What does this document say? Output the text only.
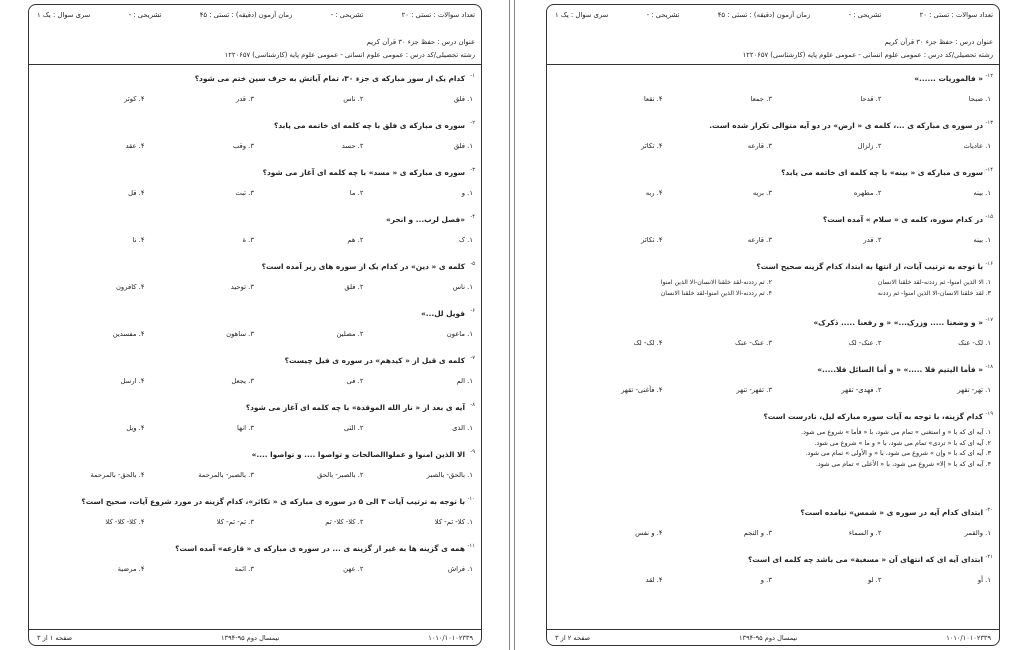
تعداد سوالات : تستی : ۲۰
تشریحی : -
زمان آزمون (دقیقه) : تستی : ۴۵
تشریحی : -
سری سوال : یک ۱
عنوان درس : حفظ جزء ۳۰ قرآن کریم
رشته تحصیلی/کد درس : عمومی علوم انسانی - عمومی علوم پایه (کارشناسی) ۱۲۲۰۶۵۷
۱-
کدام یک از سور مبارکه ی جزء ۳۰، تمام آیاتش به حرف سین ختم می شود؟
۱. فلق
۲. ناس
۳. قدر
۴. کوثر
۲-
سوره ی مبارکه ی فلق با چه کلمه ای خاتمه می یابد؟
۱. فلق
۲. حسد
۳. وقب
۴. عقد
۳-
سوره ی مبارکه ی « مسد» با چه کلمه ای آغاز می شود؟
۱. و
۲. ما
۳. تبت
۴. قل
۴-
«فصل لرب... و انحر»
۱. ک
۲. هم
۳. ة
۴. نا
۵-
کلمه ی « دین» در کدام یک از سوره های زیر آمده است؟
۱. ناس
۲. فلق
۳. توحید
۴. کافرون
۶-
فویل لل...»
۱. ماعون
۲. مصلین
۳. ساهون
۴. مفسدین
۷-
کلمه ی قبل از « کیدهم» در سوره ی فیل چیست؟
۱. الم
۲. فی
۳. یجعل
۴. ارسل
۸-
آیه ی بعد از « نار الله الموقدة» با چه کلمه ای آغاز می شود؟
۱. الذی
۲. التی
۳. انها
۴. ویل
۹-
الا الذین امنوا و عملواالصالحات و تواصوا .... و تواصوا ....»
۱. بالحق- بالصبر
۲. بالصبر- بالحق
۳. بالصبر- بالمرحمة
۴. بالحق- بالمرحمة
۱۰-
با توجه به ترتیب آیات ۳ الی ۵ در سوره ی مبارکه ی « تکاثر»، کدام گزینه در مورد شروع آیات، صحیح است؟
۱. کلا- ثم- کلا
۲. کلا- کلا- ثم
۳. ثم- ثم- کلا
۴. کلا- کلا- کلا
۱۱-
همه ی گزینه ها به غیر از گزینه ی ... در سوره ی مبارکه ی « قارعه» آمده است؟
۱. فراش
۲. عهن
۳. ائمة
۴. مرضیة
۱۰۱۰/۱۰۱۰۲۳۳۹
نیمسال دوم ۹۵-۱۳۹۴
صفحه ۱ از ۳
تعداد سوالات : تستی : ۲۰
تشریحی : -
زمان آزمون (دقیقه) : تستی : ۴۵
تشریحی : -
سری سوال : یک ۱
عنوان درس : حفظ جزء ۳۰ قرآن کریم
رشته تحصیلی/کد درس : عمومی علوم انسانی - عمومی علوم پایه (کارشناسی) ۱۲۲۰۶۵۷
۱۲-
« فالموریات ......»
۱. صبحا
۲. قدحا
۳. جمعا
۴. نقعا
۱۳-
در سوره ی مبارکه ی ...، کلمه ی « ارض» در دو آیه متوالی تکرار شده است.
۱. عادیات
۲. زلزال
۳. قارعه
۴. تکاثر
۱۴-
سوره ی مبارکه ی « بینه» با چه کلمه ای خاتمه می یابد؟
۱. بینه
۲. مطهره
۳. بریه
۴. ربه
۱۵-
در کدام سوره، کلمه ی « سلام » آمده است؟
۱. بینه
۲. قدر
۳. قارعه
۴. تکاثر
۱۶-
با توجه به ترتیب آیات، از انتها به ابتدا، کدام گزینه صحیح است؟
۱. الا الذین امنوا- ثم رددنه-لقد خلقنا الانسان
۲. ثم رددنه-لقد خلقنا الانسان-الا الذین امنوا
۳. لقد خلقنا الانسان-الا الذین امنوا- ثم رددنه
۴. ثم رددنه-الا الذین امنوا-لقد خلقنا الانسان
۱۷-
« و وضعنا ..... وزرک...» « و رفعنا ..... ذکرک»
۱. لک- عنک
۲. عنک- لک
۳. عنک- عنک
۴. لک- لک
۱۸-
« فأما الیتیم فلا .....» « و أما السائل فلا.....»
۱. تهر- تقهر
۲. فهدی- تقهر
۳. تقهر- تنهر
۴. فأغنی- تقهر
۱۹-
کدام گزینه، با توجه به آیات سوره مبارکه لیل، نادرست است؟
۱. آیه ای که با « و استغنی » تمام می شود، با « فأما » شروع می شود.
۲. آیه ای که با « تردی» تمام می شود، با « و ما » شروع می شود.
۳. آیه ای که با « وإن » شروع می شود، با « و الأولی » تمام می شود.
۴. آیه ای که با « إلا» شروع می شود، با « الأعلی » تمام می شود.
۲۰-
ابتدای کدام آیه در سوره ی « شمس» نیامده است؟
۱. والقمر
۲. و السماء
۳. و النجم
۴. و نفس
۲۱-
ابتدای آیه ای که انتهای آن « مسغبة» می باشد چه کلمه ای است؟
۱. أو
۲. لو
۳. و
۴. لقد
۱۰۱۰/۱۰۱۰۲۳۳۹
نیمسال دوم ۹۵-۱۳۹۴
صفحه ۲ از ۳
